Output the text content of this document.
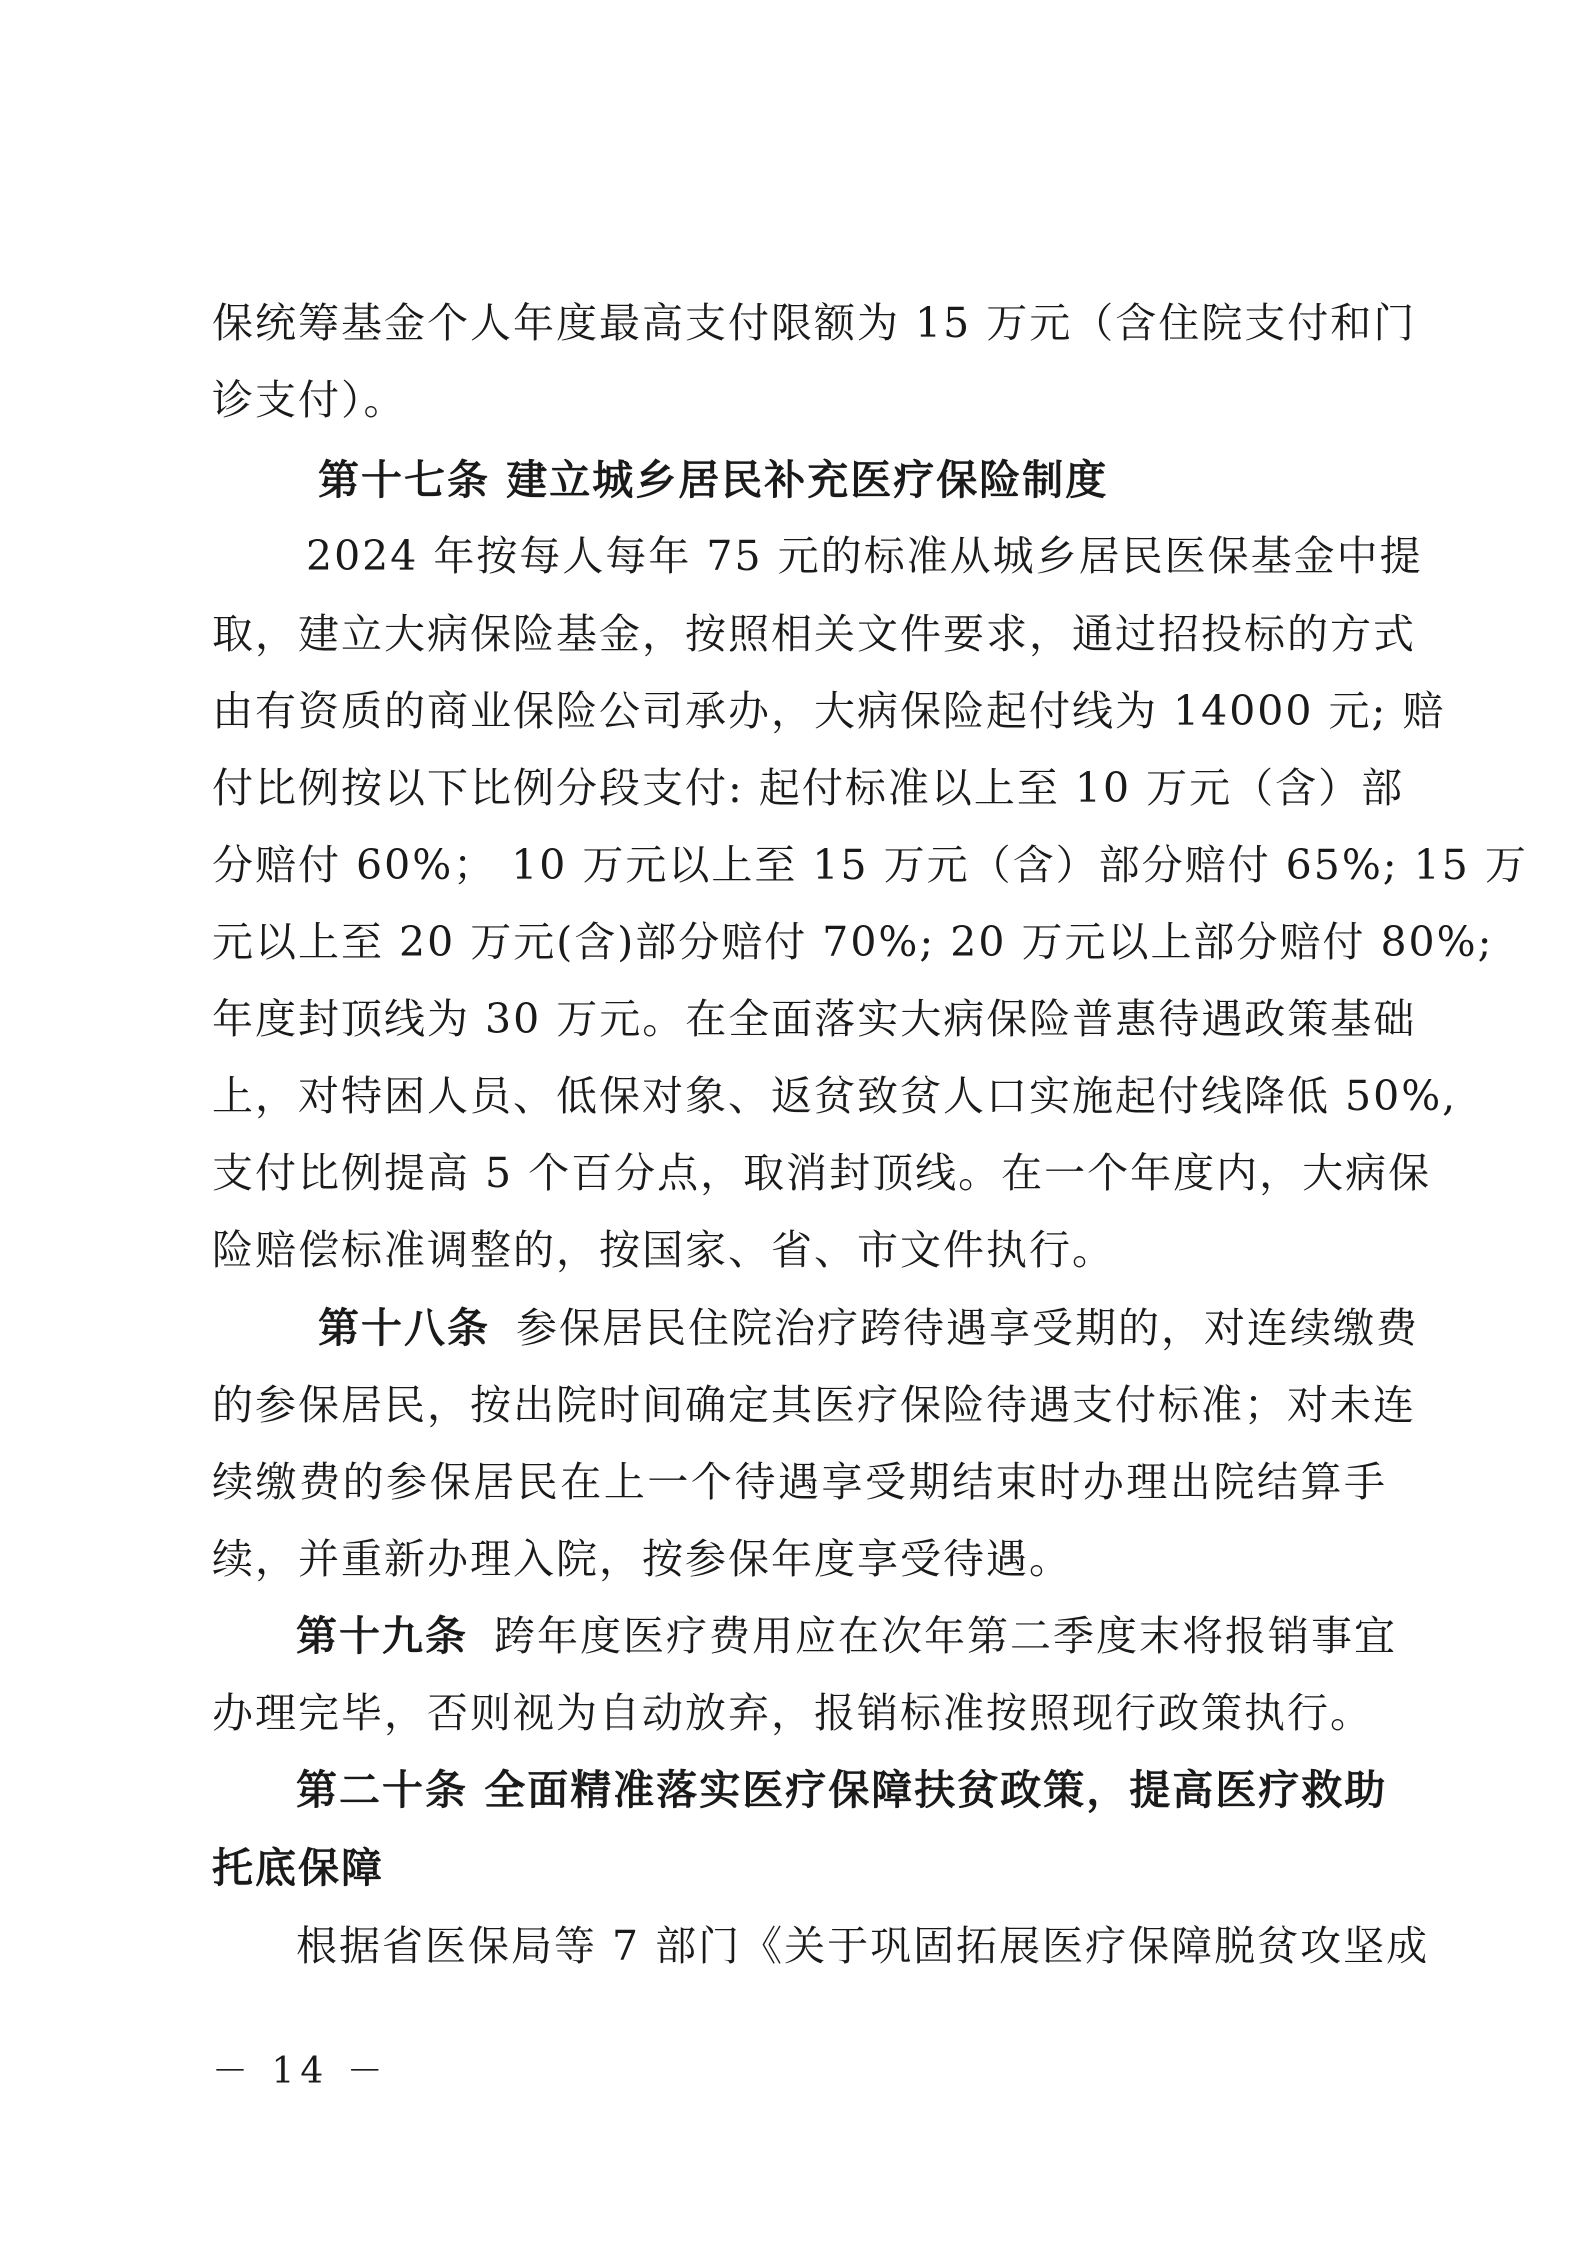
保统筹基金个人年度最高支付限额为 15 万元（含住院支付和门
诊支付）。
第十七条 建立城乡居民补充医疗保险制度
2024 年按每人每年 75 元的标准从城乡居民医保基金中提
取，建立大病保险基金，按照相关文件要求，通过招投标的方式
由有资质的商业保险公司承办，大病保险起付线为 14000 元; 赔
付比例按以下比例分段支付: 起付标准以上至 10 万元（含）部
分赔付 60%； 10 万元以上至 15 万元（含）部分赔付 65%; 15 万
元以上至 20 万元(含)部分赔付 70%; 20 万元以上部分赔付 80%;
年度封顶线为 30 万元。在全面落实大病保险普惠待遇政策基础
上，对特困人员、低保对象、返贫致贫人口实施起付线降低 50%,
支付比例提高 5 个百分点，取消封顶线。在一个年度内，大病保
险赔偿标准调整的，按国家、省、市文件执行。
第十八条 参保居民住院治疗跨待遇享受期的，对连续缴费
的参保居民，按出院时间确定其医疗保险待遇支付标准；对未连
续缴费的参保居民在上一个待遇享受期结束时办理出院结算手
续，并重新办理入院，按参保年度享受待遇。
第十九条 跨年度医疗费用应在次年第二季度末将报销事宜
办理完毕，否则视为自动放弃，报销标准按照现行政策执行。
第二十条 全面精准落实医疗保障扶贫政策，提高医疗救助
托底保障
根据省医保局等 7 部门《关于巩固拓展医疗保障脱贫攻坚成
－ 14 －
